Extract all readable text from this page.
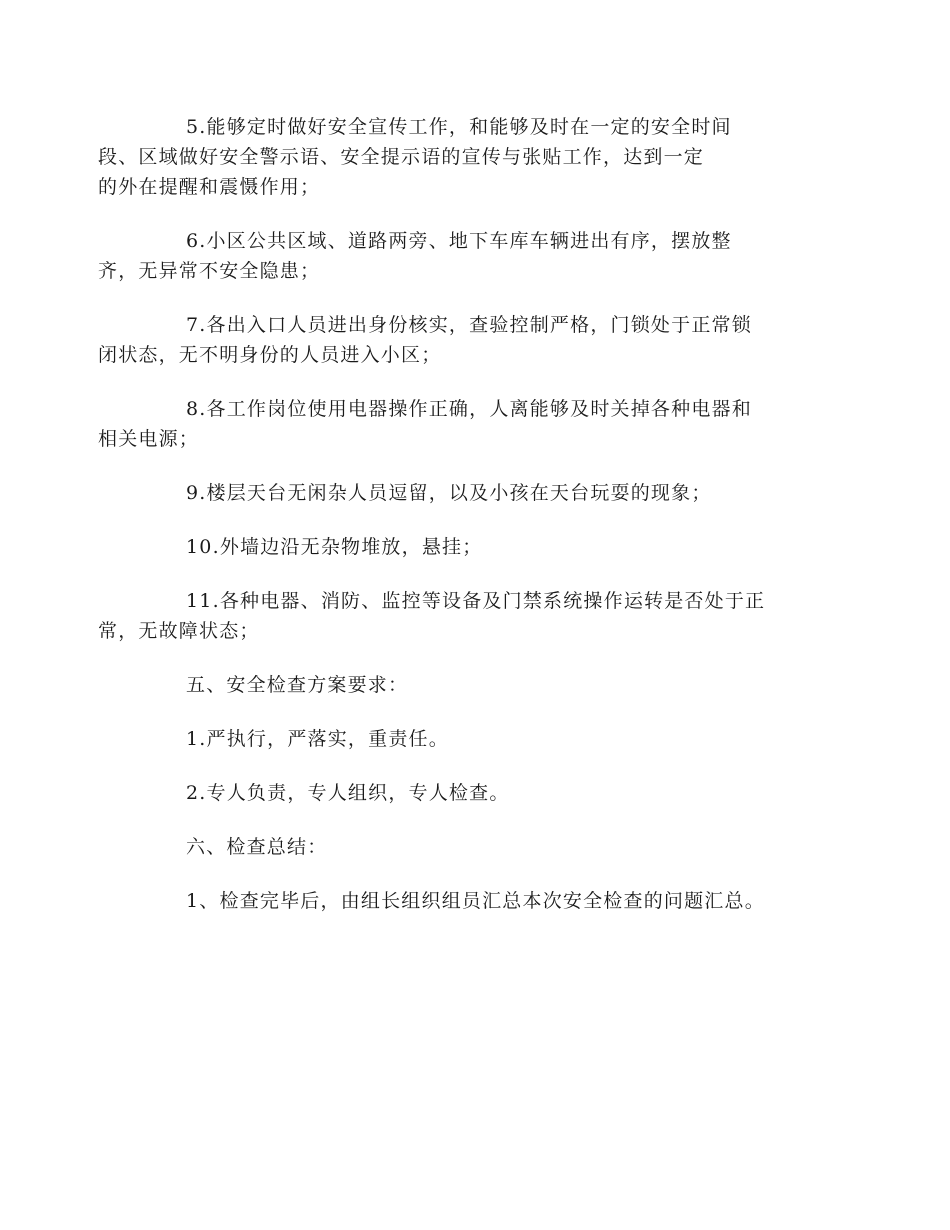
5.能够定时做好安全宣传工作，和能够及时在一定的安全时间
段、区域做好安全警示语、安全提示语的宣传与张贴工作，达到一定
的外在提醒和震慑作用；

6.小区公共区域、道路两旁、地下车库车辆进出有序，摆放整
齐，无异常不安全隐患；

7.各出入口人员进出身份核实，查验控制严格，门锁处于正常锁
闭状态，无不明身份的人员进入小区；

8.各工作岗位使用电器操作正确，人离能够及时关掉各种电器和
相关电源；

9.楼层天台无闲杂人员逗留，以及小孩在天台玩耍的现象；

10.外墙边沿无杂物堆放，悬挂；

11.各种电器、消防、监控等设备及门禁系统操作运转是否处于正
常，无故障状态；

五、安全检查方案要求：

1.严执行，严落实，重责任。

2.专人负责，专人组织，专人检查。

六、检查总结：

1、检查完毕后，由组长组织组员汇总本次安全检查的问题汇总。
